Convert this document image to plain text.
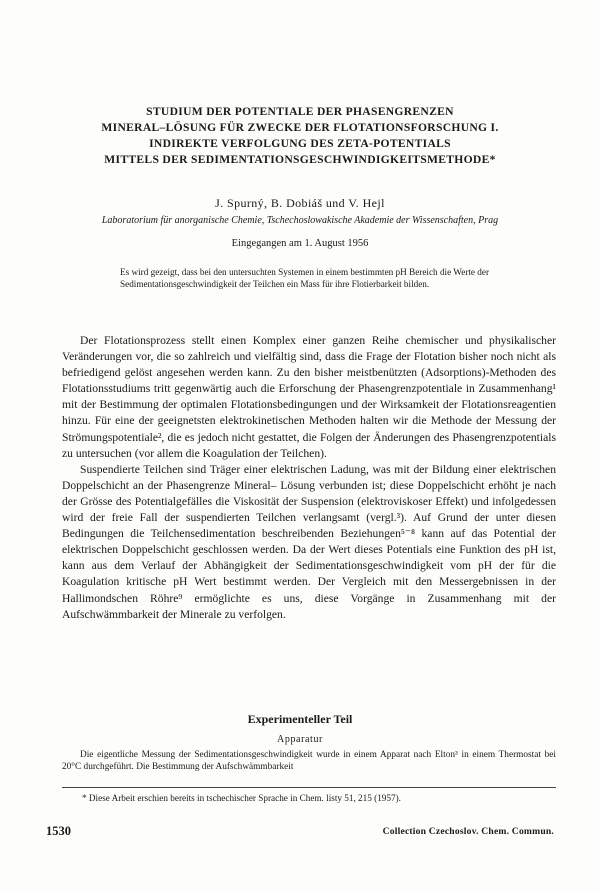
STUDIUM DER POTENTIALE DER PHASENGRENZEN

MINERAL–LÖSUNG FÜR ZWECKE DER FLOTATIONSFORSCHUNG I.

INDIREKTE VERFOLGUNG DES ZETA-POTENTIALS

MITTELS DER SEDIMENTATIONSGESCHWINDIGKEITSMETHODE*

J. Spurný, B. Dobiáš und V. Hejl
Laboratorium für anorganische Chemie, Tschechoslowakische Akademie der Wissenschaften, Prag
Eingegangen am 1. August 1956

Es wird gezeigt, dass bei den untersuchten Systemen in einem bestimmten pH Bereich die Werte der Sedimentationsgeschwindigkeit der Teilchen ein Mass für ihre Flotierbarkeit bilden.

Der Flotationsprozess stellt einen Komplex einer ganzen Reihe chemischer und physikalischer Veränderungen vor, die so zahlreich und vielfältig sind, dass die Frage der Flotation bisher noch nicht als befriedigend gelöst angesehen werden kann. Zu den bisher meistbenützten (Adsorptions)-Methoden des Flotationsstudiums tritt gegenwärtig auch die Erforschung der Phasengrenzpotentiale in Zusammenhang¹ mit der Bestimmung der optimalen Flotationsbedingungen und der Wirksamkeit der Flotationsreagentien hinzu. Für eine der geeignetsten elektrokinetischen Methoden halten wir die Methode der Messung der Strömungspotentiale², die es jedoch nicht gestattet, die Folgen der Änderungen des Phasengrenzpotentials zu untersuchen (vor allem die Koagulation der Teilchen).

Suspendierte Teilchen sind Träger einer elektrischen Ladung, was mit der Bildung einer elektrischen Doppelschicht an der Phasengrenze Mineral– Lösung verbunden ist; diese Doppelschicht erhöht je nach der Grösse des Potentialgefälles die Viskosität der Suspension (elektroviskoser Effekt) und infolgedessen wird der freie Fall der suspendierten Teilchen verlangsamt (vergl.³). Auf Grund der unter diesen Bedingungen die Teilchensedimentation beschreibenden Beziehungen⁵⁻⁸ kann auf das Potential der elektrischen Doppelschicht geschlossen werden. Da der Wert dieses Potentials eine Funktion des pH ist, kann aus dem Verlauf der Abhängigkeit der Sedimentationsgeschwindigkeit vom pH der für die Koagulation kritische pH Wert bestimmt werden. Der Vergleich mit den Messergebnissen in der Hallimondschen Röhre⁹ ermöglichte es uns, diese Vorgänge in Zusammenhang mit der Aufschwämmbarkeit der Minerale zu verfolgen.

Experimenteller Teil
Apparatur

Die eigentliche Messung der Sedimentationsgeschwindigkeit wurde in einem Apparat nach Elton³ in einem Thermostat bei 20°C durchgeführt. Die Bestimmung der Aufschwämmbarkeit

* Diese Arbeit erschien bereits in tschechischer Sprache in Chem. listy 51, 215 (1957).

1530	Collection Czechoslov. Chem. Commun.
